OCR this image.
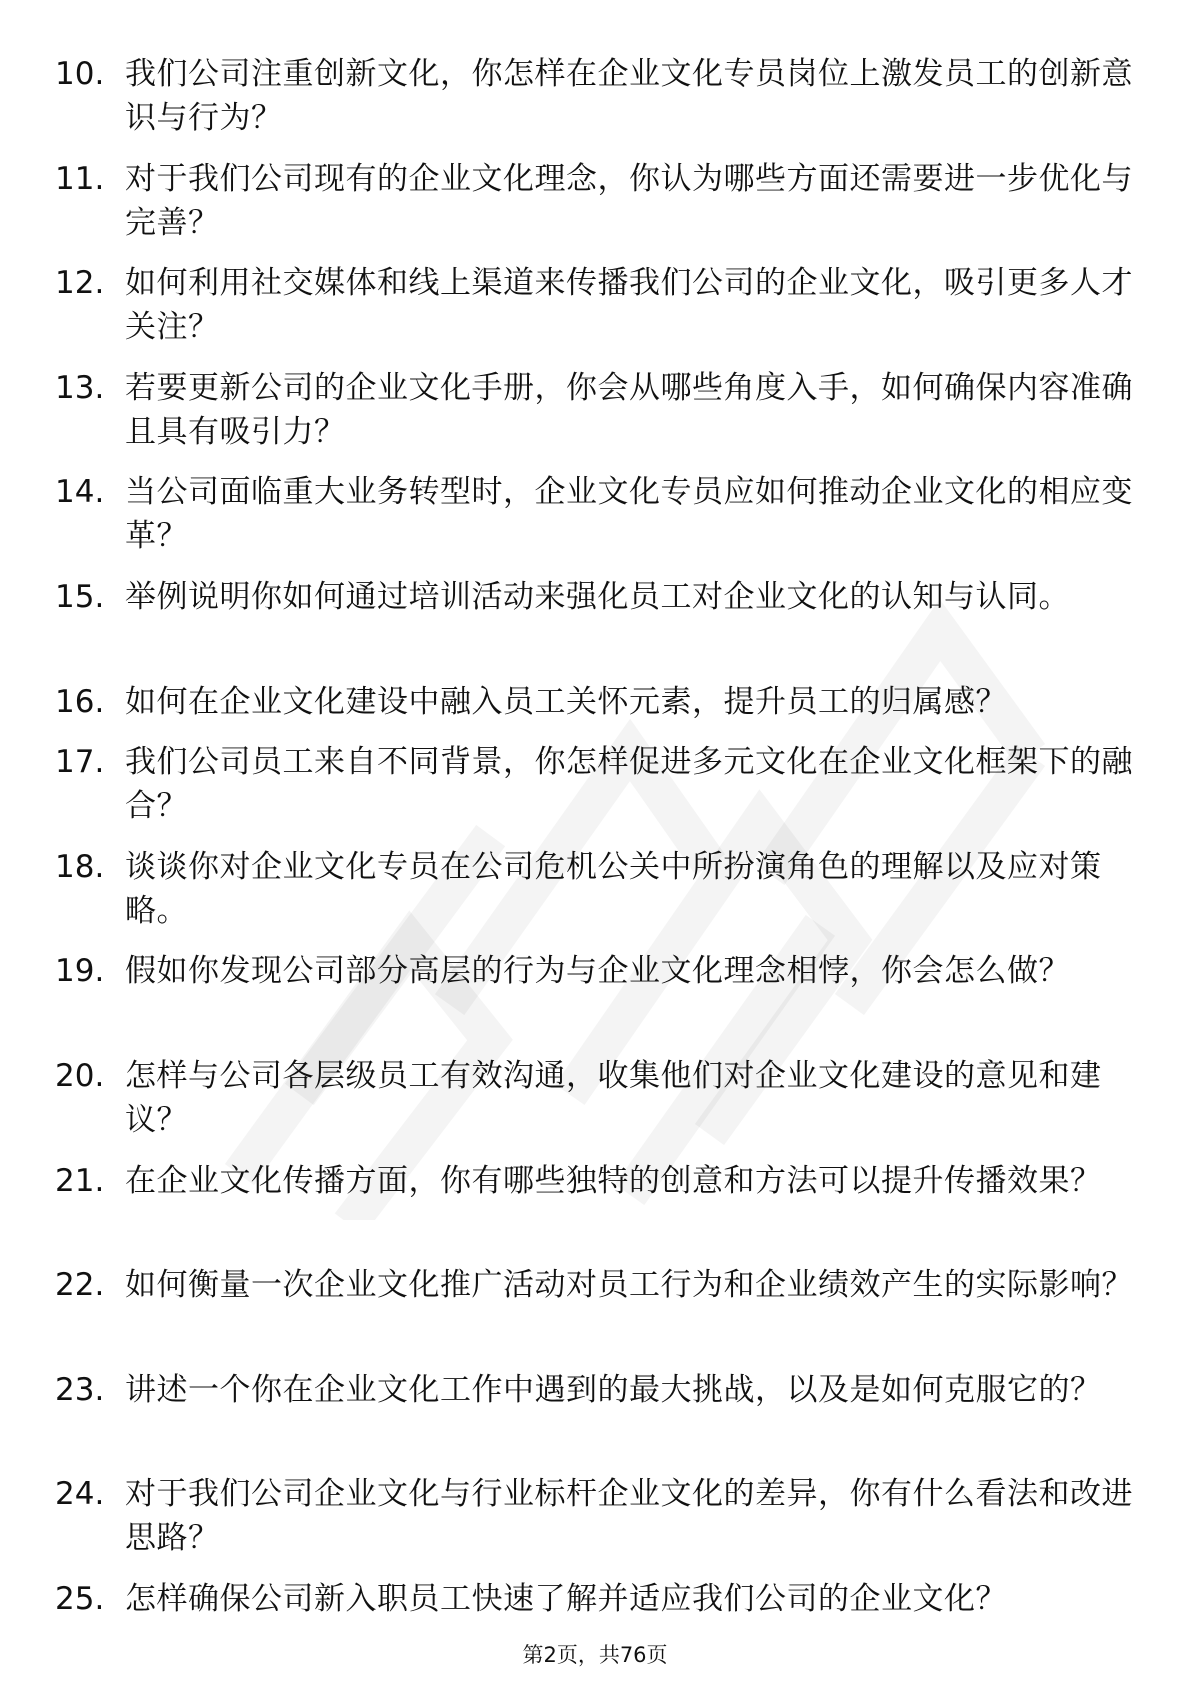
10. 我们公司注重创新文化，你怎样在企业文化专员岗位上激发员工的创新意识与行为？
11. 对于我们公司现有的企业文化理念，你认为哪些方面还需要进一步优化与完善？
12. 如何利用社交媒体和线上渠道来传播我们公司的企业文化，吸引更多人才关注？
13. 若要更新公司的企业文化手册，你会从哪些角度入手，如何确保内容准确且具有吸引力？
14. 当公司面临重大业务转型时，企业文化专员应如何推动企业文化的相应变革？
15. 举例说明你如何通过培训活动来强化员工对企业文化的认知与认同。
16. 如何在企业文化建设中融入员工关怀元素，提升员工的归属感？
17. 我们公司员工来自不同背景，你怎样促进多元文化在企业文化框架下的融合？
18. 谈谈你对企业文化专员在公司危机公关中所扮演角色的理解以及应对策略。
19. 假如你发现公司部分高层的行为与企业文化理念相悖，你会怎么做？
20. 怎样与公司各层级员工有效沟通，收集他们对企业文化建设的意见和建议？
21. 在企业文化传播方面，你有哪些独特的创意和方法可以提升传播效果？
22. 如何衡量一次企业文化推广活动对员工行为和企业绩效产生的实际影响？
23. 讲述一个你在企业文化工作中遇到的最大挑战，以及是如何克服它的？
24. 对于我们公司企业文化与行业标杆企业文化的差异，你有什么看法和改进思路？
25. 怎样确保公司新入职员工快速了解并适应我们公司的企业文化？
第2页，共76页
